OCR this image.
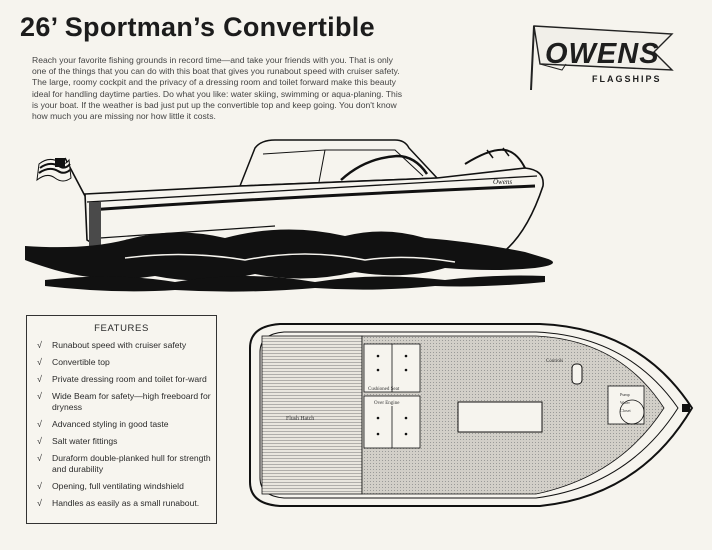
26’ Sportman’s Convertible
Reach your favorite fishing grounds in record time—and take your friends with you. That is only
one of the things that you can do with this boat that gives you runabout speed with cruiser safety.
The large, roomy cockpit and the privacy of a dressing room and toilet forward make this beauty
ideal for handling daytime parties. Do what you like: water skiing, swimming or aqua-planing. This
is your boat. If the weather is bad just put up the convertible top and keep going. You don't know
how much you are missing nor how little it costs.
OWENS
FLAGSHIPS
Owens
FEATURES
√ Runabout speed with cruiser safety
√ Convertible top
√ Private dressing room and toilet for-ward
√ Wide Beam for safety—high freeboard for dryness
√ Advanced styling in good taste
√ Salt water fittings
√ Duraform double-planked hull for strength and durability
√ Opening, full ventilating windshield
√ Handles as easily as a small runabout.
Flush Hatch
Cushioned Seat
Over Engine
Controls
Pump
Water
Closet
